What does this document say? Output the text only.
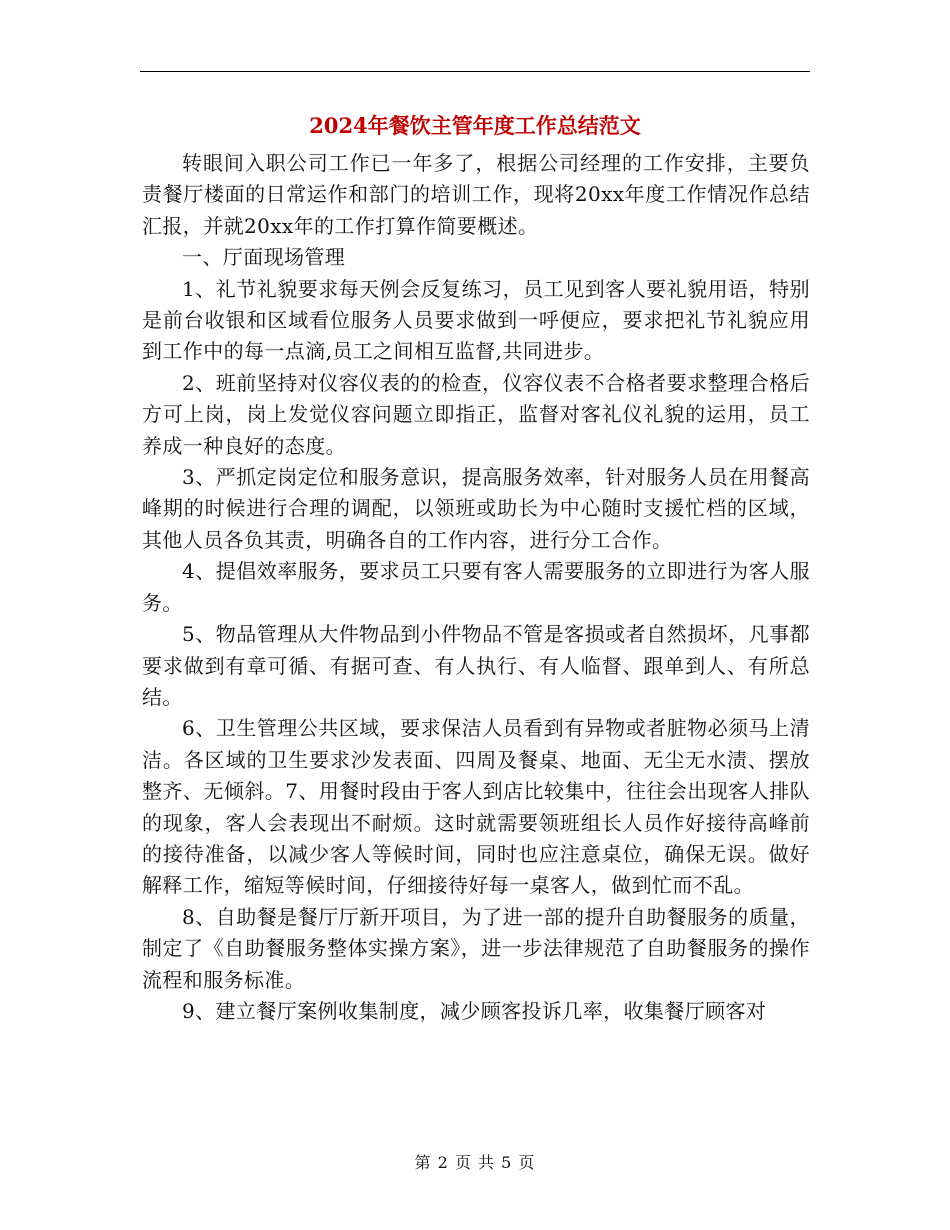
2024年餐饮主管年度工作总结范文

转眼间入职公司工作已一年多了，根据公司经理的工作安排，主要负责餐厅楼面的日常运作和部门的培训工作，现将20xx年度工作情况作总结汇报，并就20xx年的工作打算作简要概述。

一、厅面现场管理

1、礼节礼貌要求每天例会反复练习，员工见到客人要礼貌用语，特别是前台收银和区域看位服务人员要求做到一呼便应，要求把礼节礼貌应用到工作中的每一点滴,员工之间相互监督,共同进步。

2、班前坚持对仪容仪表的的检查，仪容仪表不合格者要求整理合格后方可上岗，岗上发觉仪容问题立即指正，监督对客礼仪礼貌的运用，员工养成一种良好的态度。

3、严抓定岗定位和服务意识，提高服务效率，针对服务人员在用餐高峰期的时候进行合理的调配，以领班或助长为中心随时支援忙档的区域，其他人员各负其责，明确各自的工作内容，进行分工合作。

4、提倡效率服务，要求员工只要有客人需要服务的立即进行为客人服务。

5、物品管理从大件物品到小件物品不管是客损或者自然损坏，凡事都要求做到有章可循、有据可查、有人执行、有人临督、跟单到人、有所总结。

6、卫生管理公共区域，要求保洁人员看到有异物或者脏物必须马上清洁。各区域的卫生要求沙发表面、四周及餐桌、地面、无尘无水渍、摆放整齐、无倾斜。7、用餐时段由于客人到店比较集中，往往会出现客人排队的现象，客人会表现出不耐烦。这时就需要领班组长人员作好接待高峰前的接待准备，以减少客人等候时间，同时也应注意桌位，确保无误。做好解释工作，缩短等候时间，仔细接待好每一桌客人，做到忙而不乱。

8、自助餐是餐厅厅新开项目，为了进一部的提升自助餐服务的质量，制定了《自助餐服务整体实操方案》，进一步法律规范了自助餐服务的操作流程和服务标准。

9、建立餐厅案例收集制度，减少顾客投诉几率，收集餐厅顾客对

第 2 页 共 5 页
